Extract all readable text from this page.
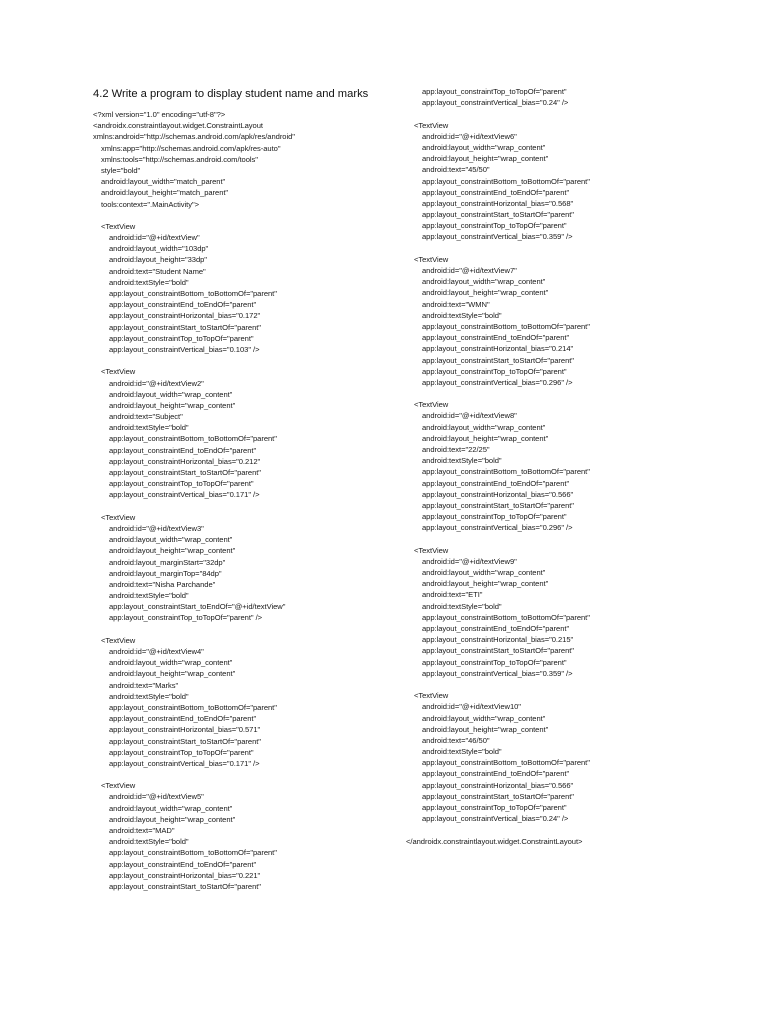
4.2 Write a program to display student name and marks
<?xml version="1.0" encoding="utf-8"?>
<androidx.constraintlayout.widget.ConstraintLayout
xmlns:android="http://schemas.android.com/apk/res/android"
xmlns:app="http://schemas.android.com/apk/res-auto"
xmlns:tools="http://schemas.android.com/tools"
style="bold"
android:layout_width="match_parent"
android:layout_height="match_parent"
tools:context=".MainActivity">
<TextView
android:id="@+id/textView"
android:layout_width="103dp"
android:layout_height="33dp"
android:text="Student Name"
android:textStyle="bold"
app:layout_constraintBottom_toBottomOf="parent"
app:layout_constraintEnd_toEndOf="parent"
app:layout_constraintHorizontal_bias="0.172"
app:layout_constraintStart_toStartOf="parent"
app:layout_constraintTop_toTopOf="parent"
app:layout_constraintVertical_bias="0.103" />
<TextView
android:id="@+id/textView2"
android:layout_width="wrap_content"
android:layout_height="wrap_content"
android:text="Subject"
android:textStyle="bold"
app:layout_constraintBottom_toBottomOf="parent"
app:layout_constraintEnd_toEndOf="parent"
app:layout_constraintHorizontal_bias="0.212"
app:layout_constraintStart_toStartOf="parent"
app:layout_constraintTop_toTopOf="parent"
app:layout_constraintVertical_bias="0.171" />
<TextView
android:id="@+id/textView3"
android:layout_width="wrap_content"
android:layout_height="wrap_content"
android:layout_marginStart="32dp"
android:layout_marginTop="84dp"
android:text="Nisha Parchande"
android:textStyle="bold"
app:layout_constraintStart_toEndOf="@+id/textView"
app:layout_constraintTop_toTopOf="parent" />
<TextView
android:id="@+id/textView4"
android:layout_width="wrap_content"
android:layout_height="wrap_content"
android:text="Marks"
android:textStyle="bold"
app:layout_constraintBottom_toBottomOf="parent"
app:layout_constraintEnd_toEndOf="parent"
app:layout_constraintHorizontal_bias="0.571"
app:layout_constraintStart_toStartOf="parent"
app:layout_constraintTop_toTopOf="parent"
app:layout_constraintVertical_bias="0.171" />
<TextView
android:id="@+id/textView5"
android:layout_width="wrap_content"
android:layout_height="wrap_content"
android:text="MAD"
android:textStyle="bold"
app:layout_constraintBottom_toBottomOf="parent"
app:layout_constraintEnd_toEndOf="parent"
app:layout_constraintHorizontal_bias="0.221"
app:layout_constraintStart_toStartOf="parent"
app:layout_constraintTop_toTopOf="parent"
app:layout_constraintVertical_bias="0.24" />
<TextView
android:id="@+id/textView6"
android:layout_width="wrap_content"
android:layout_height="wrap_content"
android:text="45/50"
app:layout_constraintBottom_toBottomOf="parent"
app:layout_constraintEnd_toEndOf="parent"
app:layout_constraintHorizontal_bias="0.568"
app:layout_constraintStart_toStartOf="parent"
app:layout_constraintTop_toTopOf="parent"
app:layout_constraintVertical_bias="0.359" />
<TextView
android:id="@+id/textView7"
android:layout_width="wrap_content"
android:layout_height="wrap_content"
android:text="WMN"
android:textStyle="bold"
app:layout_constraintBottom_toBottomOf="parent"
app:layout_constraintEnd_toEndOf="parent"
app:layout_constraintHorizontal_bias="0.214"
app:layout_constraintStart_toStartOf="parent"
app:layout_constraintTop_toTopOf="parent"
app:layout_constraintVertical_bias="0.296" />
<TextView
android:id="@+id/textView8"
android:layout_width="wrap_content"
android:layout_height="wrap_content"
android:text="22/25"
android:textStyle="bold"
app:layout_constraintBottom_toBottomOf="parent"
app:layout_constraintEnd_toEndOf="parent"
app:layout_constraintHorizontal_bias="0.566"
app:layout_constraintStart_toStartOf="parent"
app:layout_constraintTop_toTopOf="parent"
app:layout_constraintVertical_bias="0.296" />
<TextView
android:id="@+id/textView9"
android:layout_width="wrap_content"
android:layout_height="wrap_content"
android:text="ETI"
android:textStyle="bold"
app:layout_constraintBottom_toBottomOf="parent"
app:layout_constraintEnd_toEndOf="parent"
app:layout_constraintHorizontal_bias="0.215"
app:layout_constraintStart_toStartOf="parent"
app:layout_constraintTop_toTopOf="parent"
app:layout_constraintVertical_bias="0.359" />
<TextView
android:id="@+id/textView10"
android:layout_width="wrap_content"
android:layout_height="wrap_content"
android:text="46/50"
android:textStyle="bold"
app:layout_constraintBottom_toBottomOf="parent"
app:layout_constraintEnd_toEndOf="parent"
app:layout_constraintHorizontal_bias="0.566"
app:layout_constraintStart_toStartOf="parent"
app:layout_constraintTop_toTopOf="parent"
app:layout_constraintVertical_bias="0.24" />
</androidx.constraintlayout.widget.ConstraintLayout>
